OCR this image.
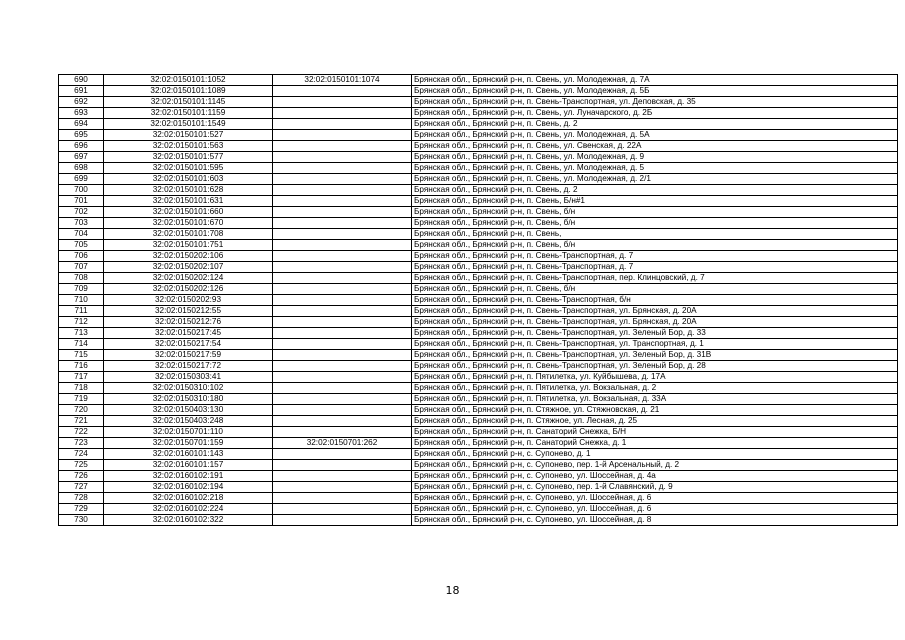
690	32:02:0150101:1052	32:02:0150101:1074	Брянская обл., Брянский р-н, п. Свень, ул. Молодежная, д. 7А
691	32:02:0150101:1089		Брянская обл., Брянский р-н, п. Свень, ул. Молодежная, д. 5Б
692	32:02:0150101:1145		Брянская обл., Брянский р-н, п. Свень-Транспортная, ул. Деповская, д. 35
693	32:02:0150101:1159		Брянская обл., Брянский р-н, п. Свень, ул. Луначарского, д. 2Б
694	32:02:0150101:1549		Брянская обл., Брянский р-н, п. Свень, д. 2
695	32:02:0150101:527		Брянская обл., Брянский р-н, п. Свень, ул. Молодежная, д. 5А
696	32:02:0150101:563		Брянская обл., Брянский р-н, п. Свень, ул. Свенская, д. 22А
697	32:02:0150101:577		Брянская обл., Брянский р-н, п. Свень, ул. Молодежная, д. 9
698	32:02:0150101:595		Брянская обл., Брянский р-н, п. Свень, ул. Молодежная, д. 5
699	32:02:0150101:603		Брянская обл., Брянский р-н, п. Свень, ул. Молодежная, д. 2/1
700	32:02:0150101:628		Брянская обл., Брянский р-н, п. Свень, д. 2
701	32:02:0150101:631		Брянская обл., Брянский р-н, п. Свень, Б/н#1
702	32:02:0150101:660		Брянская обл., Брянский р-н, п. Свень, б/н
703	32:02:0150101:670		Брянская обл., Брянский р-н, п. Свень, б/н
704	32:02:0150101:708		Брянская обл., Брянский р-н, п. Свень,
705	32:02:0150101:751		Брянская обл., Брянский р-н, п. Свень, б/н
706	32:02:0150202:106		Брянская обл., Брянский р-н, п. Свень-Транспортная, д. 7
707	32:02:0150202:107		Брянская обл., Брянский р-н, п. Свень-Транспортная, д. 7
708	32:02:0150202:124		Брянская обл., Брянский р-н, п. Свень-Транспортная, пер. Клинцовский, д. 7
709	32:02:0150202:126		Брянская обл., Брянский р-н, п. Свень, б/н
710	32:02:0150202:93		Брянская обл., Брянский р-н, п. Свень-Транспортная, б/н
711	32:02:0150212:55		Брянская обл., Брянский р-н, п. Свень-Транспортная, ул. Брянская, д. 20А
712	32:02:0150212:76		Брянская обл., Брянский р-н, п. Свень-Транспортная, ул. Брянская, д. 20А
713	32:02:0150217:45		Брянская обл., Брянский р-н, п. Свень-Транспортная, ул. Зеленый Бор, д. 33
714	32:02:0150217:54		Брянская обл., Брянский р-н, п. Свень-Транспортная, ул. Транспортная, д. 1
715	32:02:0150217:59		Брянская обл., Брянский р-н, п. Свень-Транспортная, ул. Зеленый Бор, д. 31В
716	32:02:0150217:72		Брянская обл., Брянский р-н, п. Свень-Транспортная, ул. Зеленый Бор, д. 28
717	32:02:0150303:41		Брянская обл., Брянский р-н, п. Пятилетка, ул. Куйбышева, д. 17А
718	32:02:0150310:102		Брянская обл., Брянский р-н, п. Пятилетка, ул. Вокзальная, д. 2
719	32:02:0150310:180		Брянская обл., Брянский р-н, п. Пятилетка, ул. Вокзальная, д. 33А
720	32:02:0150403:130		Брянская обл., Брянский р-н, п. Стяжное, ул. Стяжновская, д. 21
721	32:02:0150403:248		Брянская обл., Брянский р-н, п. Стяжное, ул. Лесная, д. 25
722	32:02:0150701:110		Брянская обл., Брянский р-н, п. Санаторий Снежка, Б/Н
723	32:02:0150701:159	32:02:0150701:262	Брянская обл., Брянский р-н, п. Санаторий Снежка, д. 1
724	32:02:0160101:143		Брянская обл., Брянский р-н, с. Супонево, д. 1
725	32:02:0160101:157		Брянская обл., Брянский р-н, с. Супонево, пер. 1-й Арсенальный, д. 2
726	32:02:0160102:191		Брянская обл., Брянский р-н, с. Супонево, ул. Шоссейная, д. 4а
727	32:02:0160102:194		Брянская обл., Брянский р-н, с. Супонево, пер. 1-й Славянский, д. 9
728	32:02:0160102:218		Брянская обл., Брянский р-н, с. Супонево, ул. Шоссейная, д. 6
729	32:02:0160102:224		Брянская обл., Брянский р-н, с. Супонево, ул. Шоссейная, д. 6
730	32:02:0160102:322		Брянская обл., Брянский р-н, с. Супонево, ул. Шоссейная, д. 8
18
